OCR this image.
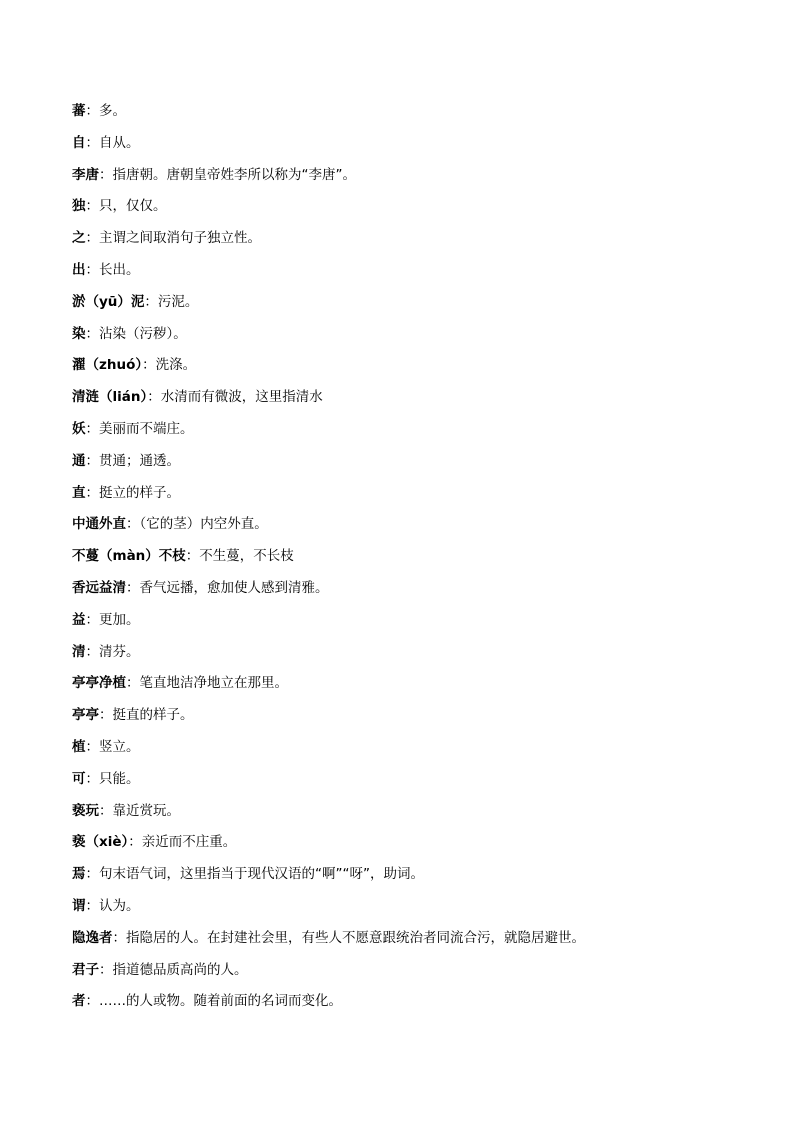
蕃：多。
自：自从。
李唐：指唐朝。唐朝皇帝姓李所以称为“李唐”。
独：只，仅仅。
之：主谓之间取消句子独立性。
出：长出。
淤（yū）泥：污泥。
染：沾染（污秽）。
濯（zhuó）：洗涤。
清涟（lián）：水清而有微波，这里指清水
妖：美丽而不端庄。
通：贯通；通透。
直：挺立的样子。
中通外直：（它的茎）内空外直。
不蔓（màn）不枝：不生蔓，不长枝
香远益清：香气远播，愈加使人感到清雅。
益：更加。
清：清芬。
亭亭净植：笔直地洁净地立在那里。
亭亭：挺直的样子。
植：竖立。
可：只能。
亵玩：靠近赏玩。
亵（xiè）：亲近而不庄重。
焉：句末语气词，这里指当于现代汉语的“啊”“呀”，助词。
谓：认为。
隐逸者：指隐居的人。在封建社会里，有些人不愿意跟统治者同流合污，就隐居避世。
君子：指道德品质高尚的人。
者：……的人或物。随着前面的名词而变化。
